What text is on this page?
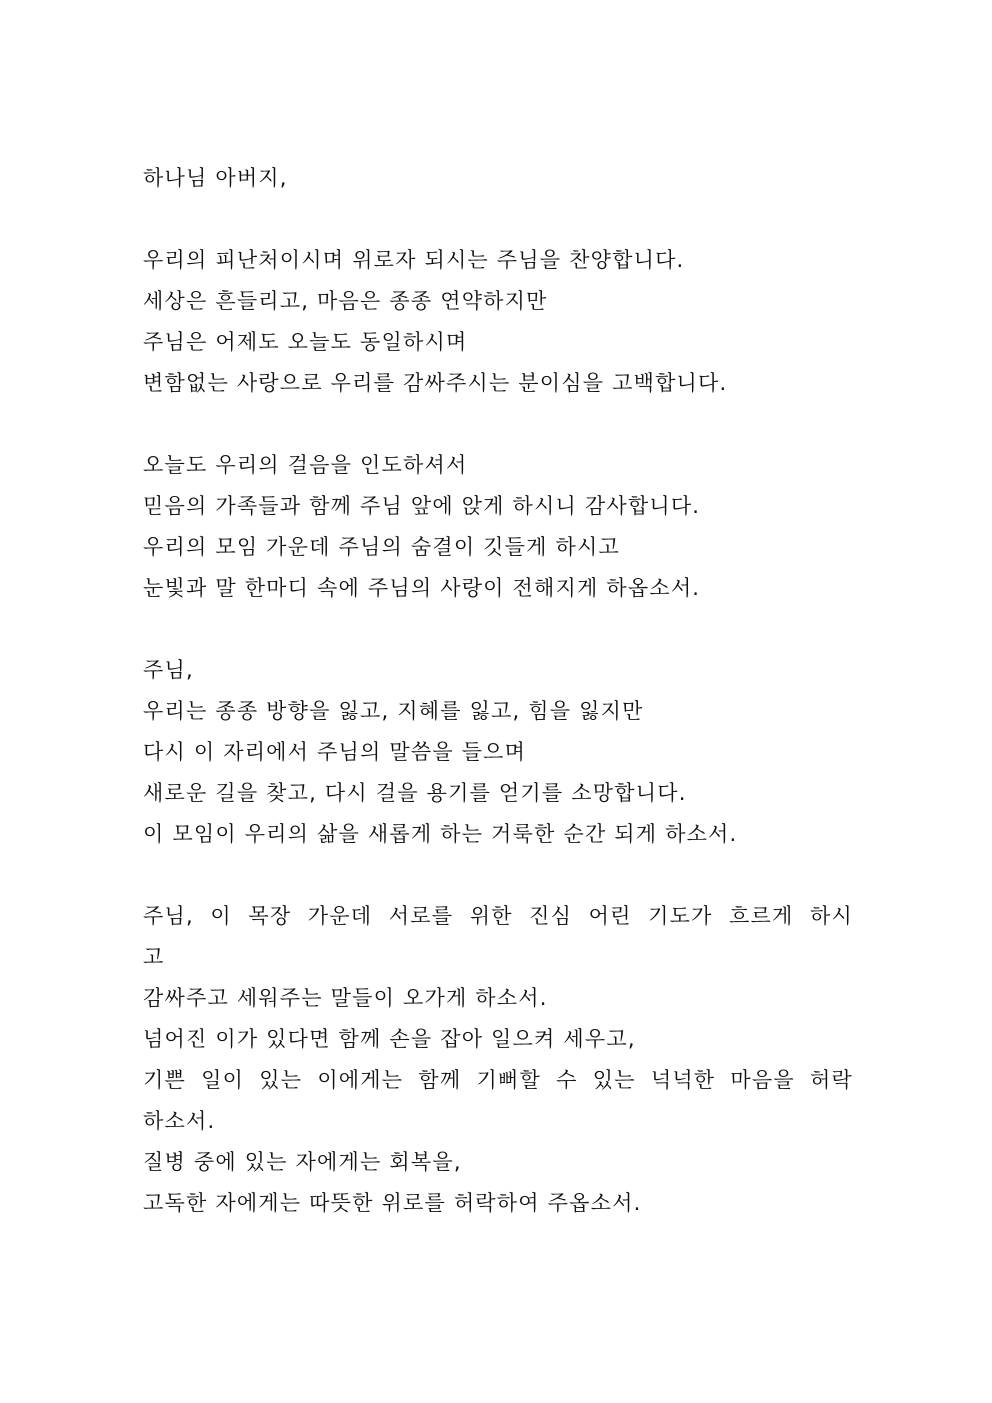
하나님 아버지,
우리의 피난처이시며 위로자 되시는 주님을 찬양합니다.
세상은 흔들리고, 마음은 종종 연약하지만
주님은 어제도 오늘도 동일하시며
변함없는 사랑으로 우리를 감싸주시는 분이심을 고백합니다.
오늘도 우리의 걸음을 인도하셔서
믿음의 가족들과 함께 주님 앞에 앉게 하시니 감사합니다.
우리의 모임 가운데 주님의 숨결이 깃들게 하시고
눈빛과 말 한마디 속에 주님의 사랑이 전해지게 하옵소서.
주님,
우리는 종종 방향을 잃고, 지혜를 잃고, 힘을 잃지만
다시 이 자리에서 주님의 말씀을 들으며
새로운 길을 찾고, 다시 걸을 용기를 얻기를 소망합니다.
이 모임이 우리의 삶을 새롭게 하는 거룩한 순간 되게 하소서.
주님, 이 목장 가운데 서로를 위한 진심 어린 기도가 흐르게 하시
고
감싸주고 세워주는 말들이 오가게 하소서.
넘어진 이가 있다면 함께 손을 잡아 일으켜 세우고,
기쁜 일이 있는 이에게는 함께 기뻐할 수 있는 넉넉한 마음을 허락
하소서.
질병 중에 있는 자에게는 회복을,
고독한 자에게는 따뜻한 위로를 허락하여 주옵소서.
